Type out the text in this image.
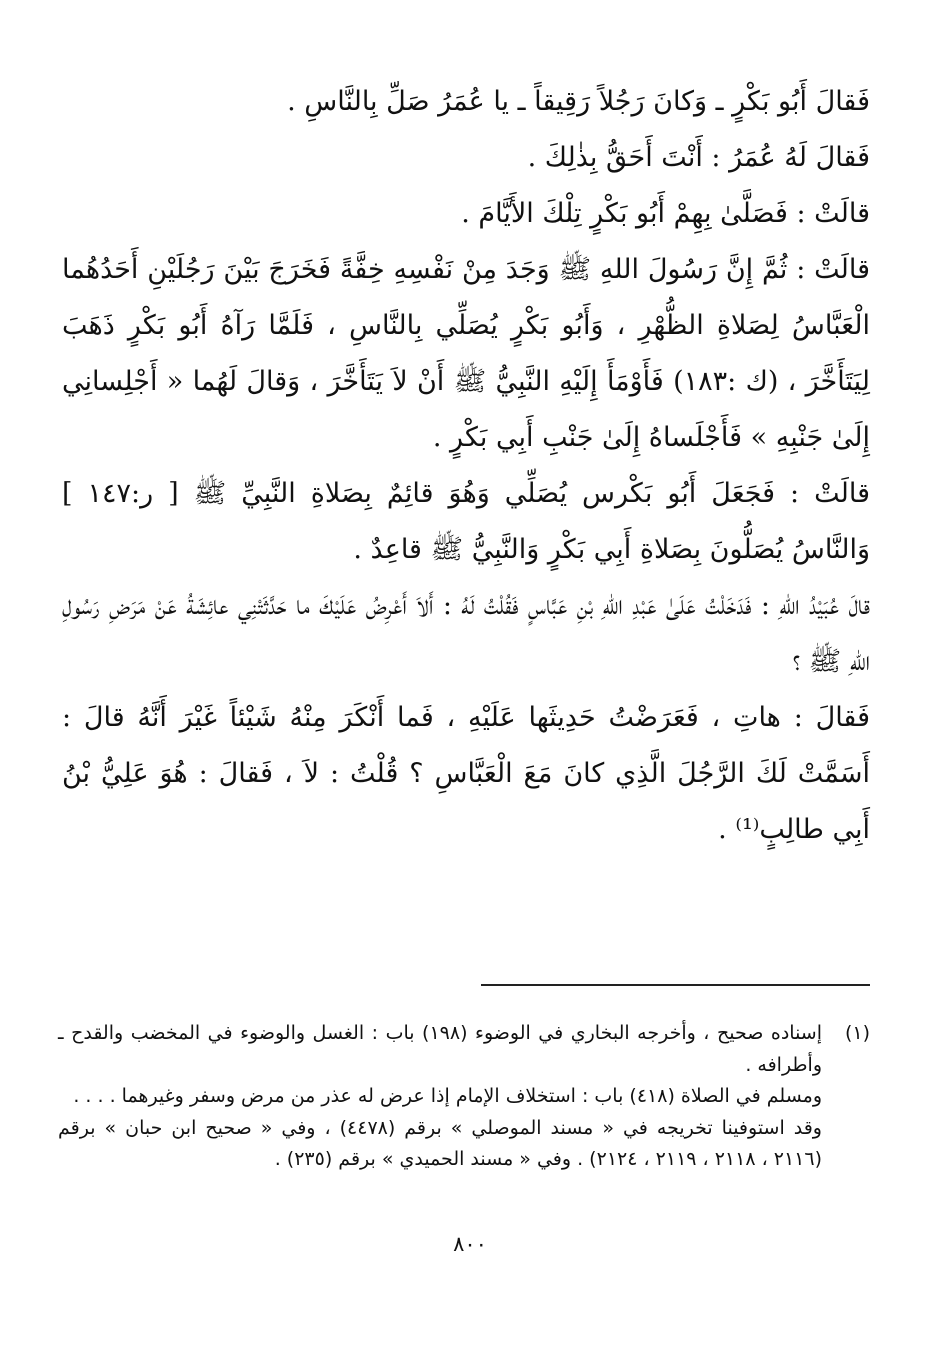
فَقالَ أَبُو بَكْرٍ ـ وَكانَ رَجُلاً رَقِيقاً ـ يا عُمَرُ صَلِّ بِالنَّاسِ .

فَقالَ لَهُ عُمَرُ : أَنْتَ أَحَقُّ بِذٰلِكَ .

قالَتْ : فَصَلَّىٰ بِهِمْ أَبُو بَكْرٍ تِلْكَ الأَيَّامَ .

قالَتْ : ثُمَّ إِنَّ رَسُولَ اللهِ ﷺ وَجَدَ مِنْ نَفْسِهِ خِفَّةً فَخَرَجَ بَيْنَ رَجُلَيْنِ أَحَدُهُما الْعَبَّاسُ لِصَلاةِ الظُّهْرِ ، وَأَبُو بَكْرٍ يُصَلِّي بِالنَّاسِ ، فَلَمَّا رَآهُ أَبُو بَكْرٍ ذَهَبَ لِيَتَأَخَّرَ ، (ك :١٨٣) فَأَوْمَأَ إِلَيْهِ النَّبِيُّ ﷺ أَنْ لاَ يَتَأَخَّرَ ، وَقالَ لَهُما « أَجْلِسانِي إِلَىٰ جَنْبِهِ » فَأَجْلَساهُ إِلَىٰ جَنْبِ أَبِي بَكْرٍ .

قالَتْ : فَجَعَلَ أَبُو بَكْرس يُصَلِّي وَهُوَ قائِمٌ بِصَلاةِ النَّبِيِّ ﷺ [ ر:١٤٧ ] وَالنَّاسُ يُصَلُّونَ بِصَلاةِ أَبِي بَكْرٍ وَالنَّبِيُّ ﷺ قاعِدٌ .

قالَ عُبَيْدُ اللهِ : فَدَخَلْتُ عَلَىٰ عَبْدِ اللهِ بْنِ عَبَّاسٍ فَقُلْتُ لَهُ : أَلاَ أَعْرِضُ عَلَيْكَ ما حَدَّثَتْنِي عائِشَةُ عَنْ مَرَضِ رَسُولِ اللهِ ﷺ ؟

فَقالَ : هاتِ ، فَعَرَضْتُ حَدِيثَها عَلَيْهِ ، فَما أَنْكَرَ مِنْهُ شَيْئاً غَيْرَ أَنَّهُ قالَ : أَسَمَّتْ لَكَ الرَّجُلَ الَّذِي كانَ مَعَ الْعَبَّاسِ ؟ قُلْتُ : لاَ ، فَقالَ : هُوَ عَلِيُّ بْنُ أَبِي طالِبٍ⁽¹⁾ .

(١)

إسناده صحيح ، وأخرجه البخاري في الوضوء (١٩٨) باب : الغسل والوضوء في المخضب والقدح ـ وأطرافه .

ومسلم في الصلاة (٤١٨) باب : استخلاف الإمام إذا عرض له عذر من مرض وسفر وغيرهما . . . .

وقد استوفينا تخريجه في « مسند الموصلي » برقم (٤٤٧٨) ، وفي « صحيح ابن حبان » برقم (٢١١٦ ، ٢١١٨ ، ٢١١٩ ، ٢١٢٤) . وفي « مسند الحميدي » برقم (٢٣٥) .

٨٠٠
